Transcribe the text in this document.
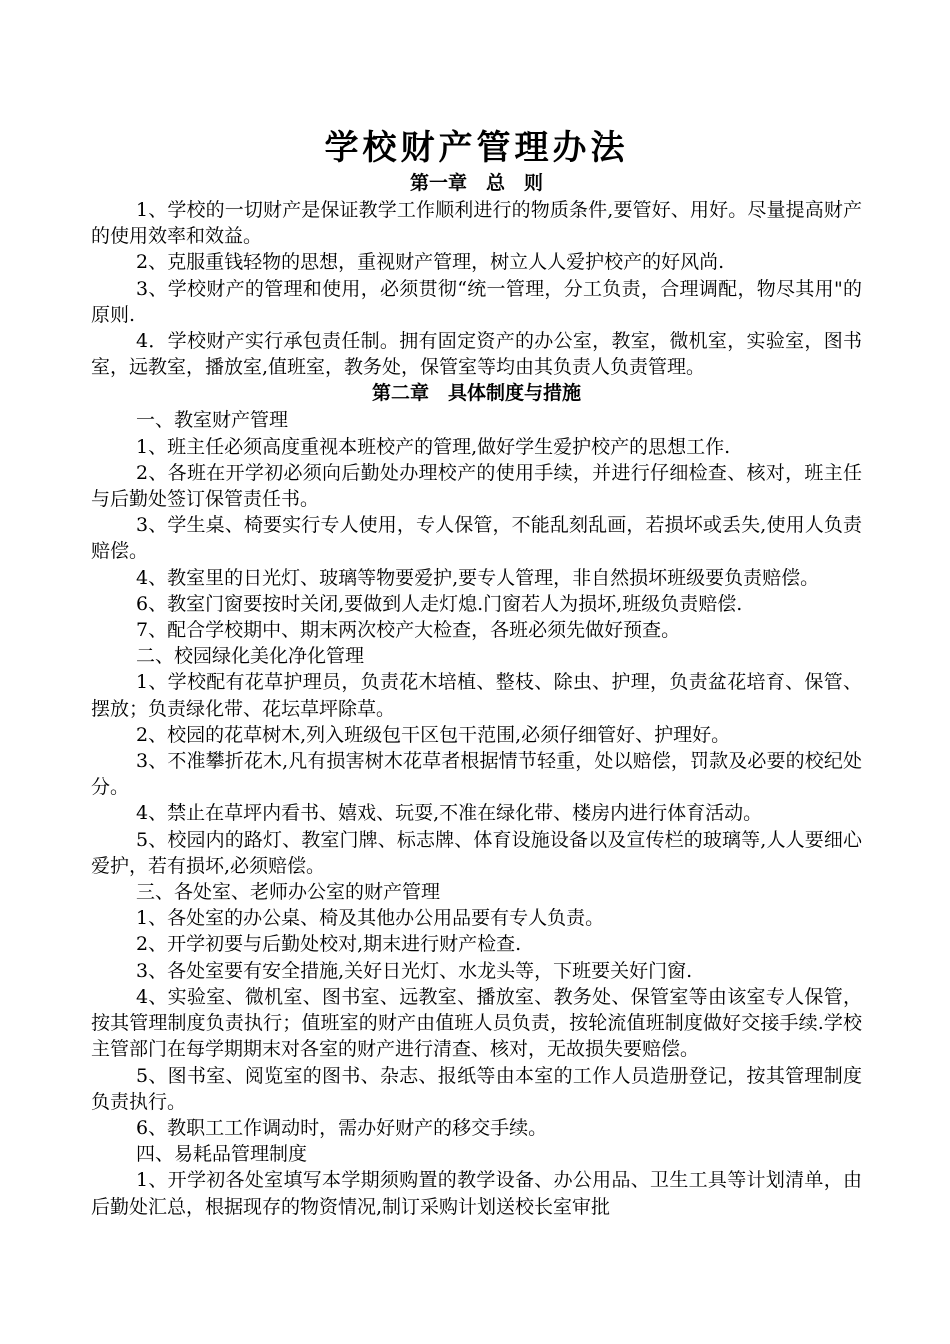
学校财产管理办法
第一章　总　则

1、学校的一切财产是保证教学工作顺利进行的物质条件,要管好、用好。尽量提高财产的使用效率和效益。

2、克服重钱轻物的思想，重视财产管理，树立人人爱护校产的好风尚.

3、学校财产的管理和使用，必须贯彻“统一管理，分工负责，合理调配，物尽其用"的原则.

4．学校财产实行承包责任制。拥有固定资产的办公室，教室，微机室，实验室，图书室，远教室，播放室,值班室，教务处，保管室等均由其负责人负责管理。

第二章　具体制度与措施

一、教室财产管理

1、班主任必须高度重视本班校产的管理,做好学生爱护校产的思想工作.

2、各班在开学初必须向后勤处办理校产的使用手续，并进行仔细检查、核对，班主任与后勤处签订保管责任书。

3、学生桌、椅要实行专人使用，专人保管，不能乱刻乱画，若损坏或丢失,使用人负责赔偿。

4、教室里的日光灯、玻璃等物要爱护,要专人管理，非自然损坏班级要负责赔偿。

6、教室门窗要按时关闭,要做到人走灯熄.门窗若人为损坏,班级负责赔偿.

7、配合学校期中、期末两次校产大检查，各班必须先做好预查。

二、校园绿化美化净化管理

1、学校配有花草护理员，负责花木培植、整枝、除虫、护理，负责盆花培育、保管、摆放；负责绿化带、花坛草坪除草。

2、校园的花草树木,列入班级包干区包干范围,必须仔细管好、护理好。

3、不准攀折花木,凡有损害树木花草者根据情节轻重，处以赔偿，罚款及必要的校纪处分。

4、禁止在草坪内看书、嬉戏、玩耍,不准在绿化带、楼房内进行体育活动。

5、校园内的路灯、教室门牌、标志牌、体育设施设备以及宣传栏的玻璃等,人人要细心爱护，若有损坏,必须赔偿。

三、各处室、老师办公室的财产管理

1、各处室的办公桌、椅及其他办公用品要有专人负责。

2、开学初要与后勤处校对,期末进行财产检查.

3、各处室要有安全措施,关好日光灯、水龙头等，下班要关好门窗.

4、实验室、微机室、图书室、远教室、播放室、教务处、保管室等由该室专人保管，按其管理制度负责执行；值班室的财产由值班人员负责，按轮流值班制度做好交接手续.学校主管部门在每学期期末对各室的财产进行清查、核对，无故损失要赔偿。

5、图书室、阅览室的图书、杂志、报纸等由本室的工作人员造册登记，按其管理制度负责执行。

6、教职工工作调动时，需办好财产的移交手续。

四、易耗品管理制度

1、开学初各处室填写本学期须购置的教学设备、办公用品、卫生工具等计划清单，由后勤处汇总，根据现存的物资情况,制订采购计划送校长室审批
